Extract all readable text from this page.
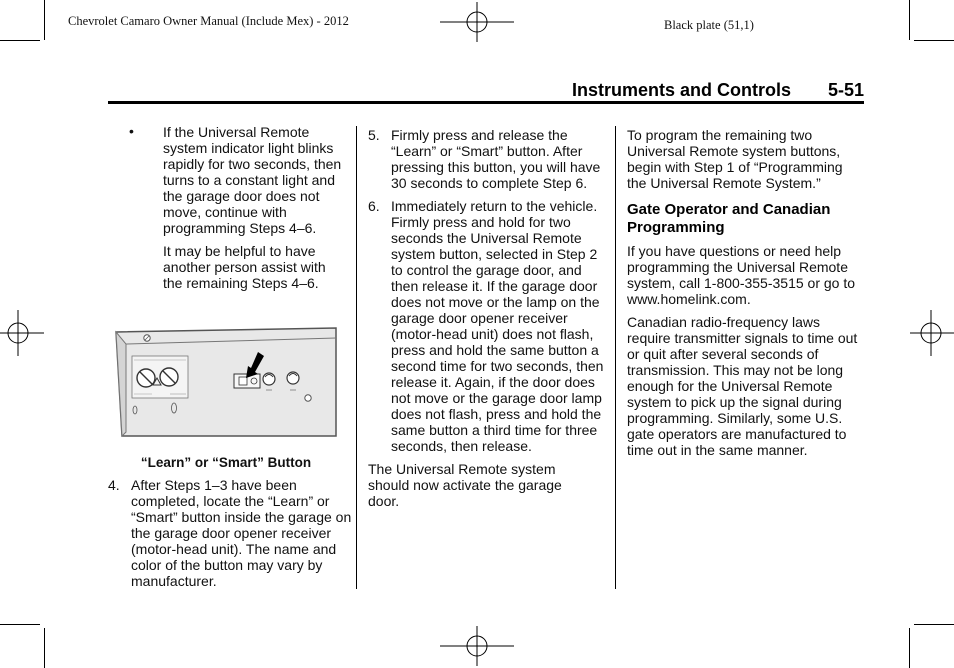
Chevrolet Camaro Owner Manual (Include Mex) - 2012	Black plate (51,1)
Instruments and Controls 5-51
• If the Universal Remote system indicator light blinks rapidly for two seconds, then turns to a constant light and the garage door does not move, continue with programming Steps 4–6.

It may be helpful to have another person assist with the remaining Steps 4–6.

“Learn” or “Smart” Button
4. After Steps 1–3 have been completed, locate the “Learn” or “Smart” button inside the garage on the garage door opener receiver (motor-head unit). The name and color of the button may vary by manufacturer.

5. Firmly press and release the “Learn” or “Smart” button. After pressing this button, you will have 30 seconds to complete Step 6.

6. Immediately return to the vehicle. Firmly press and hold for two seconds the Universal Remote system button, selected in Step 2 to control the garage door, and then release it. If the garage door does not move or the lamp on the garage door opener receiver (motor-head unit) does not flash, press and hold the same button a second time for two seconds, then release it. Again, if the door does not move or the garage door lamp does not flash, press and hold the same button a third time for three seconds, then release.

The Universal Remote system should now activate the garage door.

To program the remaining two Universal Remote system buttons, begin with Step 1 of “Programming the Universal Remote System.”

Gate Operator and Canadian Programming

If you have questions or need help programming the Universal Remote system, call 1-800-355-3515 or go to www.homelink.com.

Canadian radio-frequency laws require transmitter signals to time out or quit after several seconds of transmission. This may not be long enough for the Universal Remote system to pick up the signal during programming. Similarly, some U.S. gate operators are manufactured to time out in the same manner.
